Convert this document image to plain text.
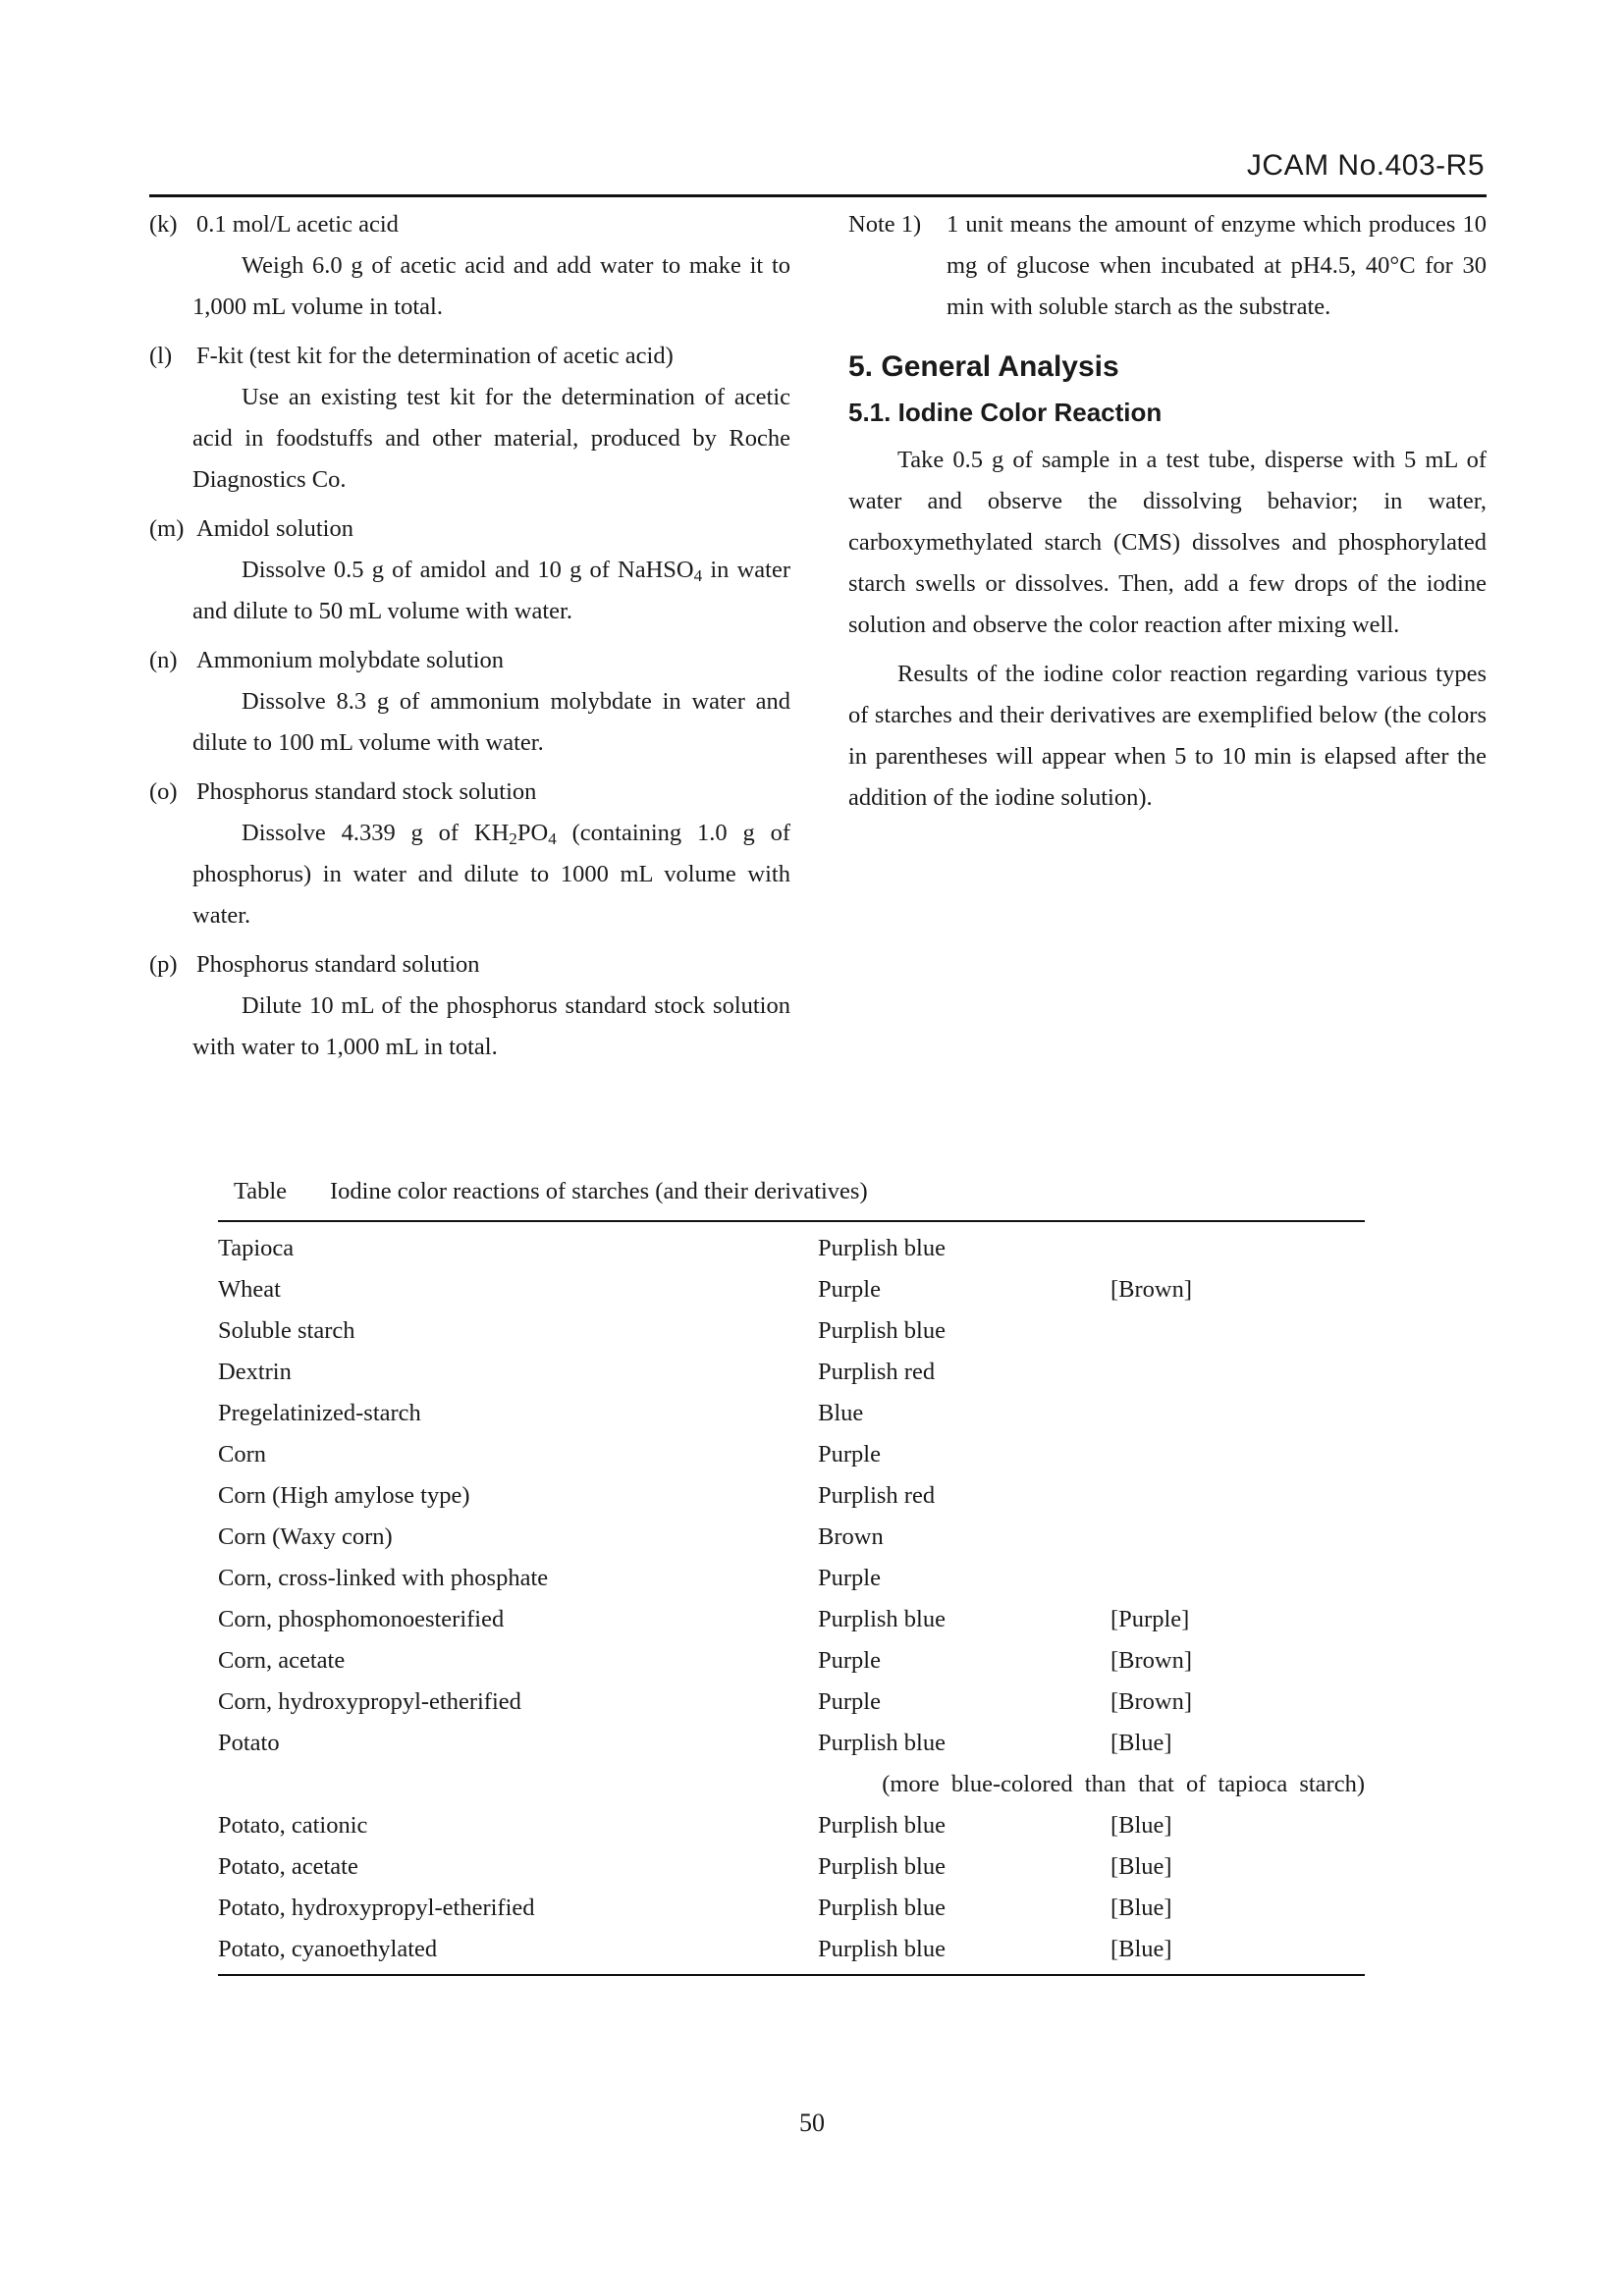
JCAM No.403-R5
(k) 0.1 mol/L acetic acid
Weigh 6.0 g of acetic acid and add water to make it to 1,000 mL volume in total.
(l) F-kit (test kit for the determination of acetic acid)
Use an existing test kit for the determination of acetic acid in foodstuffs and other material, produced by Roche Diagnostics Co.
(m) Amidol solution
Dissolve 0.5 g of amidol and 10 g of NaHSO$_4$ in water and dilute to 50 mL volume with water.
(n) Ammonium molybdate solution
Dissolve 8.3 g of ammonium molybdate in water and dilute to 100 mL volume with water.
(o) Phosphorus standard stock solution
Dissolve 4.339 g of $KH_2PO_4$ (containing 1.0 g of phosphorus) in water and dilute to 1000 mL volume with water.
(p) Phosphorus standard solution
Dilute 10 mL of the phosphorus standard stock solution with water to 1,000 mL in total.
Note 1) 1 unit means the amount of enzyme which produces 10 mg of glucose when incubated at pH4.5, 40°C for 30 min with soluble starch as the substrate.
5. General Analysis
5.1. Iodine Color Reaction

Take 0.5 g of sample in a test tube, disperse with 5 mL of water and observe the dissolving behavior; in water, carboxymethylated starch (CMS) dissolves and phosphorylated starch swells or dissolves. Then, add a few drops of the iodine solution and observe the color reaction after mixing well.

Results of the iodine color reaction regarding various types of starches and their derivatives are exemplified below (the colors in parentheses will appear when 5 to 10 min is elapsed after the addition of the iodine solution).

Table Iodine color reactions of starches (and their derivatives)
Tapioca	Purplish blue	
Wheat	Purple	[Brown]
Soluble starch	Purplish blue	
Dextrin	Purplish red	
Pregelatinized-starch	Blue	
Corn	Purple	
Corn (High amylose type)	Purplish red	
Corn (Waxy corn)	Brown	
Corn, cross-linked with phosphate	Purple	
Corn, phosphomonoesterified	Purplish blue	[Purple]
Corn, acetate	Purple	[Brown]
Corn, hydroxypropyl-etherified	Purple	[Brown]
Potato	Purplish blue	[Blue]
(more blue-colored than that of tapioca starch)		
Potato, cationic	Purplish blue	[Blue]
Potato, acetate	Purplish blue	[Blue]
Potato, hydroxypropyl-etherified	Purplish blue	[Blue]
Potato, cyanoethylated	Purplish blue	[Blue]
50
